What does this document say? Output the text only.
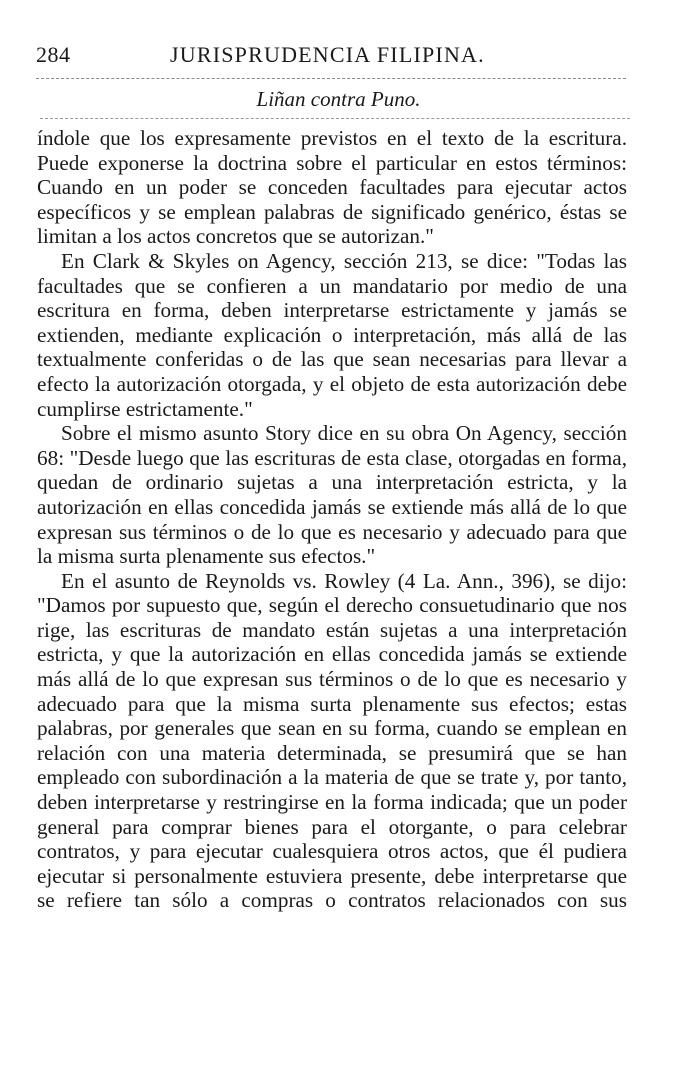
284	JURISPRUDENCIA FILIPINA.
Liñan contra Puno.

índole que los expresamente previstos en el texto de la escritura. Puede exponerse la doctrina sobre el particular en estos términos: Cuando en un poder se conceden facultades para ejecutar actos específicos y se emplean palabras de significado genérico, éstas se limitan a los actos concretos que se autorizan."

En Clark & Skyles on Agency, sección 213, se dice: "Todas las facultades que se confieren a un mandatario por medio de una escritura en forma, deben interpretarse estrictamente y jamás se extienden, mediante explicación o interpretación, más allá de las textualmente conferidas o de las que sean necesarias para llevar a efecto la autorización otorgada, y el objeto de esta autorización debe cumplirse estrictamente."

Sobre el mismo asunto Story dice en su obra On Agency, sección 68: "Desde luego que las escrituras de esta clase, otorgadas en forma, quedan de ordinario sujetas a una interpretación estricta, y la autorización en ellas concedida jamás se extiende más allá de lo que expresan sus términos o de lo que es necesario y adecuado para que la misma surta plenamente sus efectos."

En el asunto de Reynolds vs. Rowley (4 La. Ann., 396), se dijo: "Damos por supuesto que, según el derecho consuetudinario que nos rige, las escrituras de mandato están sujetas a una interpretación estricta, y que la autorización en ellas concedida jamás se extiende más allá de lo que expresan sus términos o de lo que es necesario y adecuado para que la misma surta plenamente sus efectos; estas palabras, por generales que sean en su forma, cuando se emplean en relación con una materia determinada, se presumirá que se han empleado con subordinación a la materia de que se trate y, por tanto, deben interpretarse y restringirse en la forma indicada; que un poder general para comprar bienes para el otorgante, o para celebrar contratos, y para ejecutar cualesquiera otros actos, que él pudiera ejecutar si personalmente estuviera presente, debe interpretarse que se refiere tan sólo a compras o contratos relacionados con sus
